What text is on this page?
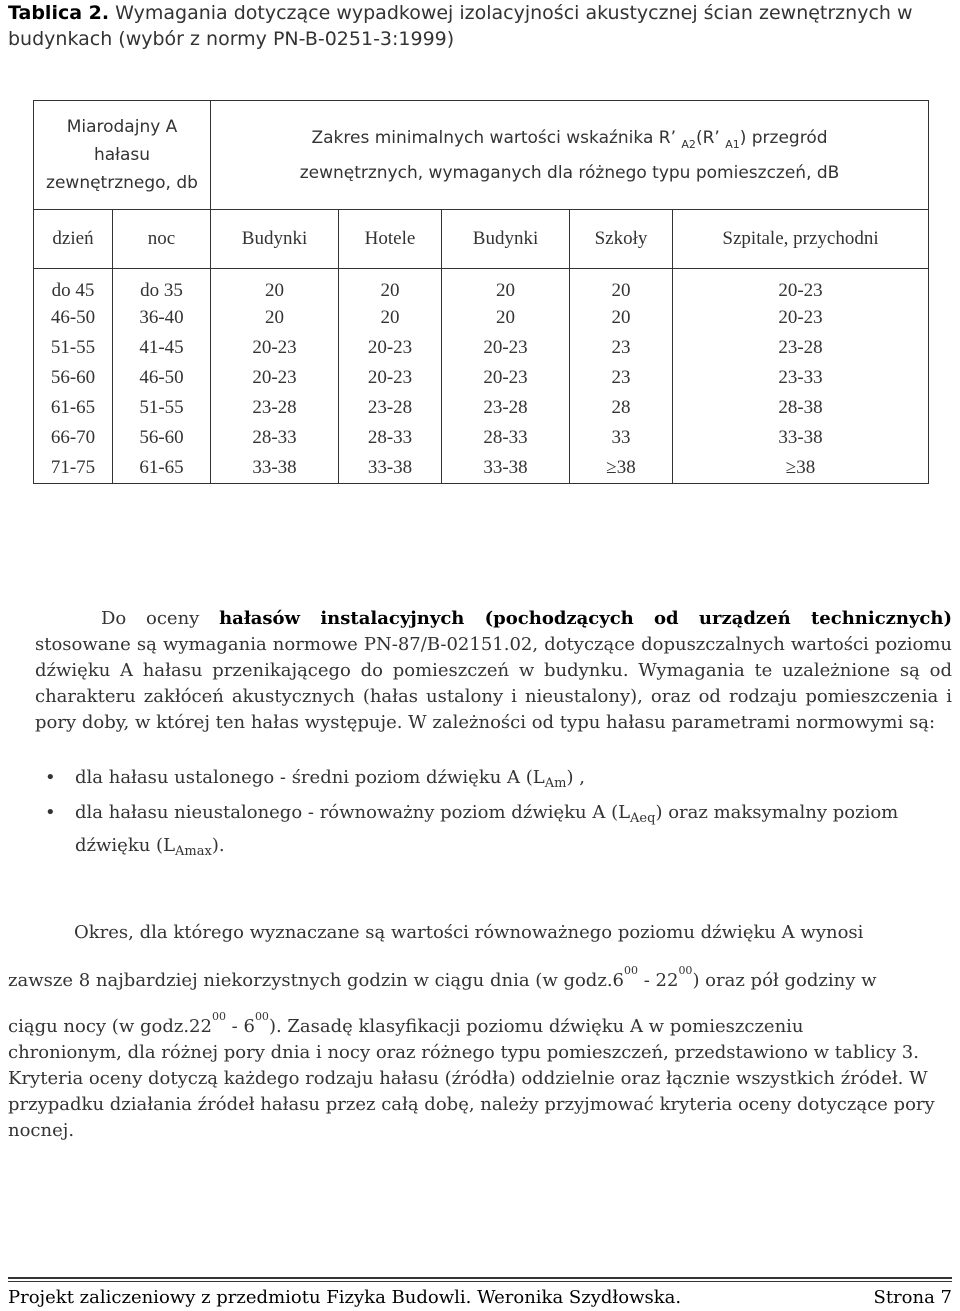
Tablica 2. Wymagania dotyczące wypadkowej izolacyjności akustycznej ścian zewnętrznych w budynkach (wybór z normy PN-B-0251-3:1999)
Miarodajny A hałasu zewnętrznego, db		Zakres minimalnych wartości wskaźnika R’ $_{A2}$(R’ $_{A1}$) przegród
zewnętrznych, wymaganych dla różnego typu pomieszczeń, dB				

dzień	noc	Budynki	Hotele	Budynki	Szkoły	Szpitale, przychodni
do 45	do 35	20	20	20	20	20-23
46-50	36-40	20	20	20	20	20-23
51-55	41-45	20-23	20-23	20-23	23	23-28
56-60	46-50	20-23	20-23	20-23	23	23-33
61-65	51-55	23-28	23-28	23-28	28	28-38
66-70	56-60	28-33	28-33	28-33	33	33-38
71-75	61-65	33-38	33-38	33-38	≥38	≥38
Do oceny hałasów instalacyjnych (pochodzących od urządzeń technicznych) stosowane są wymagania normowe PN-87/B-02151.02, dotyczące dopuszczalnych wartości poziomu dźwięku A hałasu przenikającego do pomieszczeń w budynku. Wymagania te uzależnione są od charakteru zakłóceń akustycznych (hałas ustalony i nieustalony), oraz od rodzaju pomieszczenia i pory doby, w której ten hałas występuje. W zależności od typu hałasu parametrami normowymi są:
• dla hałasu ustalonego - średni poziom dźwięku A $(L_{Am})$ ,
• dla hałasu nieustalonego - równoważny poziom dźwięku A $(L_{Aeq})$ oraz maksymalny poziom dźwięku $(L_{Amax})$.
Okres, dla którego wyznaczane są wartości równoważnego poziomu dźwięku A wynosi
zawsze 8 najbardziej niekorzystnych godzin w ciągu dnia (w $godz.6^{00} - 22^{00}$) oraz pół godziny w
ciągu nocy (w $godz.22^{00} - 6^{00}$). Zasadę klasyfikacji poziomu dźwięku A w pomieszczeniu
chronionym, dla różnej pory dnia i nocy oraz różnego typu pomieszczeń, przedstawiono w tablicy 3. Kryteria oceny dotyczą każdego rodzaju hałasu (źródła) oddzielnie oraz łącznie wszystkich źródeł. W przypadku działania źródeł hałasu przez całą dobę, należy przyjmować kryteria oceny dotyczące pory nocnej.
Projekt zaliczeniowy z przedmiotu Fizyka Budowli. Weronika Szydłowska.	Strona 7
